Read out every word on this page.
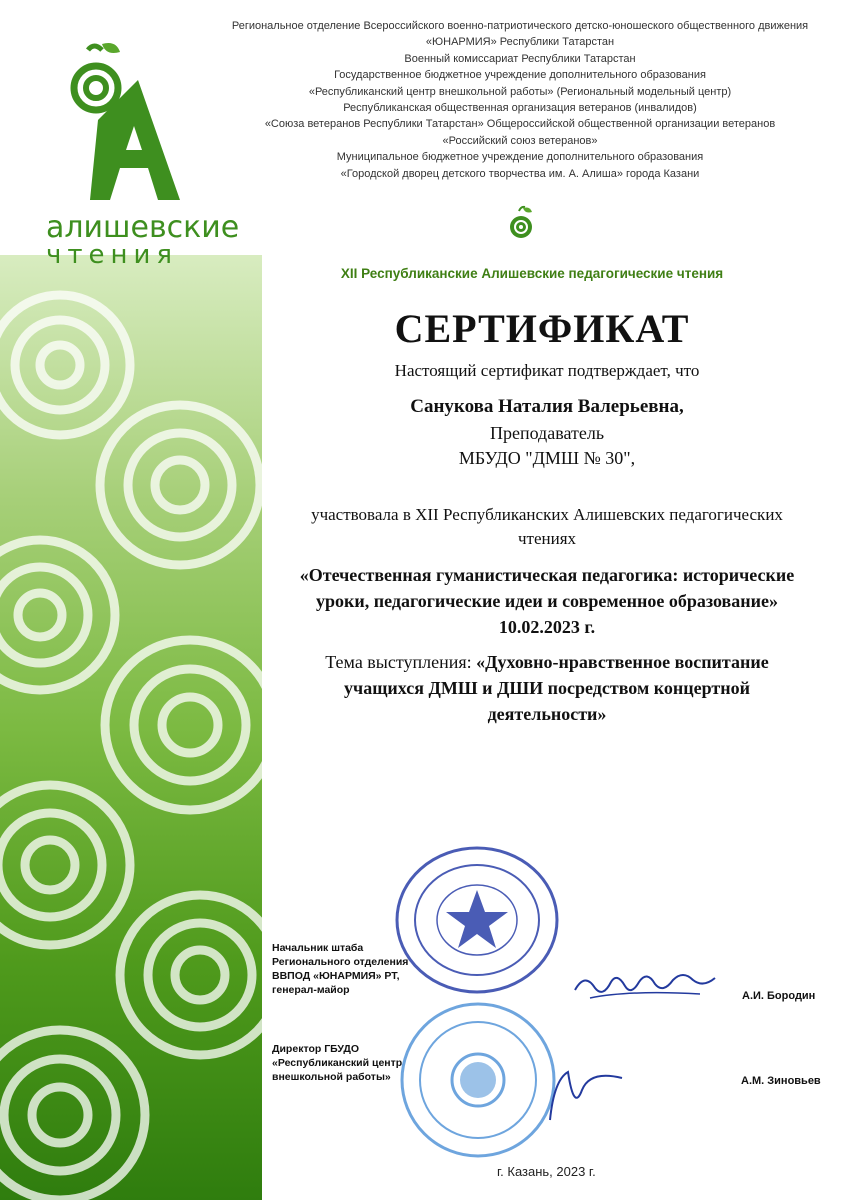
алишевские
чтения
Региональное отделение Всероссийского военно-патриотического детско-юношеского общественного движения
«ЮНАРМИЯ» Республики Татарстан
Военный комиссариат Республики Татарстан
Государственное бюджетное учреждение дополнительного образования
«Республиканский центр внешкольной работы» (Региональный модельный центр)
Республиканская общественная организация ветеранов (инвалидов)
«Союза ветеранов Республики Татарстан» Общероссийской общественной организации ветеранов
«Российский союз ветеранов»
Муниципальное бюджетное учреждение дополнительного образования
«Городской дворец детского творчества им. А. Алиша» города Казани
XII Республиканские Алишевские педагогические чтения
СЕРТИФИКАТ
Настоящий сертификат подтверждает, что
Санукова Наталия Валерьевна,
Преподаватель
МБУДО "ДМШ № 30",
участвовала в XII Республиканских Алишевских педагогических
чтениях
«Отечественная гуманистическая педагогика: исторические
уроки, педагогические идеи и современное образование»
10.02.2023 г.
Тема выступления: «Духовно-нравственное воспитание
учащихся ДМШ и ДШИ посредством концертной
деятельности»
Начальник штаба
Регионального отделения
ВВПОД «ЮНАРМИЯ» РТ,
генерал-майор	А.И. Бородин
Директор ГБУДО
«Республиканский центр
внешкольной работы»	А.М. Зиновьев
г. Казань, 2023 г.
